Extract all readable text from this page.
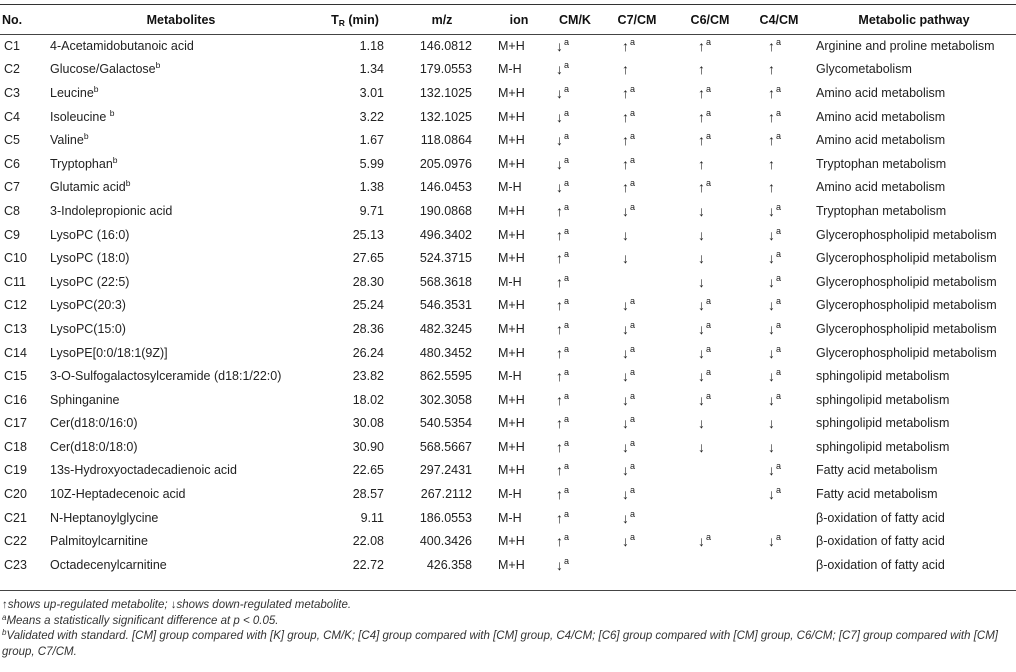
No.	Metabolites	$T_R$ (min)	m/z	ion	CM/K	C7/CM	C6/CM	C4/CM	Metabolic pathway
C1	4-Acetamidobutanoic acid	1.18	146.0812	M+H	↓$^a$	↑$^a$	↑$^a$	↑$^a$	Arginine and proline metabolism
C2	Glucose/Galactose$^b$	1.34	179.0553	M-H	↓$^a$	↑	↑	↑	Glycometabolism
C3	Leucine$^b$	3.01	132.1025	M+H	↓$^a$	↑$^a$	↑$^a$	↑$^a$	Amino acid metabolism
C4	Isoleucine $^b$	3.22	132.1025	M+H	↓$^a$	↑$^a$	↑$^a$	↑$^a$	Amino acid metabolism
C5	Valine$^b$	1.67	118.0864	M+H	↓$^a$	↑$^a$	↑$^a$	↑$^a$	Amino acid metabolism
C6	Tryptophan$^b$	5.99	205.0976	M+H	↓$^a$	↑$^a$	↑	↑	Tryptophan metabolism
C7	Glutamic acid$^b$	1.38	146.0453	M-H	↓$^a$	↑$^a$	↑$^a$	↑	Amino acid metabolism
C8	3-Indolepropionic acid	9.71	190.0868	M+H	↑$^a$	↓$^a$	↓	↓$^a$	Tryptophan metabolism
C9	LysoPC (16:0)	25.13	496.3402	M+H	↑$^a$	↓	↓	↓$^a$	Glycerophospholipid metabolism
C10	LysoPC (18:0)	27.65	524.3715	M+H	↑$^a$	↓	↓	↓$^a$	Glycerophospholipid metabolism
C11	LysoPC (22:5)	28.30	568.3618	M-H	↑$^a$		↓	↓$^a$	Glycerophospholipid metabolism
C12	LysoPC(20:3)	25.24	546.3531	M+H	↑$^a$	↓$^a$	↓$^a$	↓$^a$	Glycerophospholipid metabolism
C13	LysoPC(15:0)	28.36	482.3245	M+H	↑$^a$	↓$^a$	↓$^a$	↓$^a$	Glycerophospholipid metabolism
C14	LysoPE[0:0/18:1(9Z)]	26.24	480.3452	M+H	↑$^a$	↓$^a$	↓$^a$	↓$^a$	Glycerophospholipid metabolism
C15	3-O-Sulfogalactosylceramide (d18:1/22:0)	23.82	862.5595	M-H	↑$^a$	↓$^a$	↓$^a$	↓$^a$	sphingolipid metabolism
C16	Sphinganine	18.02	302.3058	M+H	↑$^a$	↓$^a$	↓$^a$	↓$^a$	sphingolipid metabolism
C17	Cer(d18:0/16:0)	30.08	540.5354	M+H	↑$^a$	↓$^a$	↓	↓	sphingolipid metabolism
C18	Cer(d18:0/18:0)	30.90	568.5667	M+H	↑$^a$	↓$^a$	↓	↓	sphingolipid metabolism
C19	13s-Hydroxyoctadecadienoic acid	22.65	297.2431	M+H	↑$^a$	↓$^a$		↓$^a$	Fatty acid metabolism
C20	10Z-Heptadecenoic acid	28.57	267.2112	M-H	↑$^a$	↓$^a$		↓$^a$	Fatty acid metabolism
C21	N-Heptanoylglycine	9.11	186.0553	M-H	↑$^a$	↓$^a$			β-oxidation of fatty acid
C22	Palmitoylcarnitine	22.08	400.3426	M+H	↑$^a$	↓$^a$	↓$^a$	↓$^a$	β-oxidation of fatty acid
C23	Octadecenylcarnitine	22.72	426.358	M+H	↓$^a$				β-oxidation of fatty acid

↑shows up-regulated metabolite; ↓shows down-regulated metabolite.

$^a$Means a statistically significant difference at p < 0.05.

$^b$Validated with standard. [CM] group compared with [K] group, CM/K; [C4] group compared with [CM] group, C4/CM; [C6] group compared with [CM] group, C6/CM; [C7] group compared with [CM] group, C7/CM.
